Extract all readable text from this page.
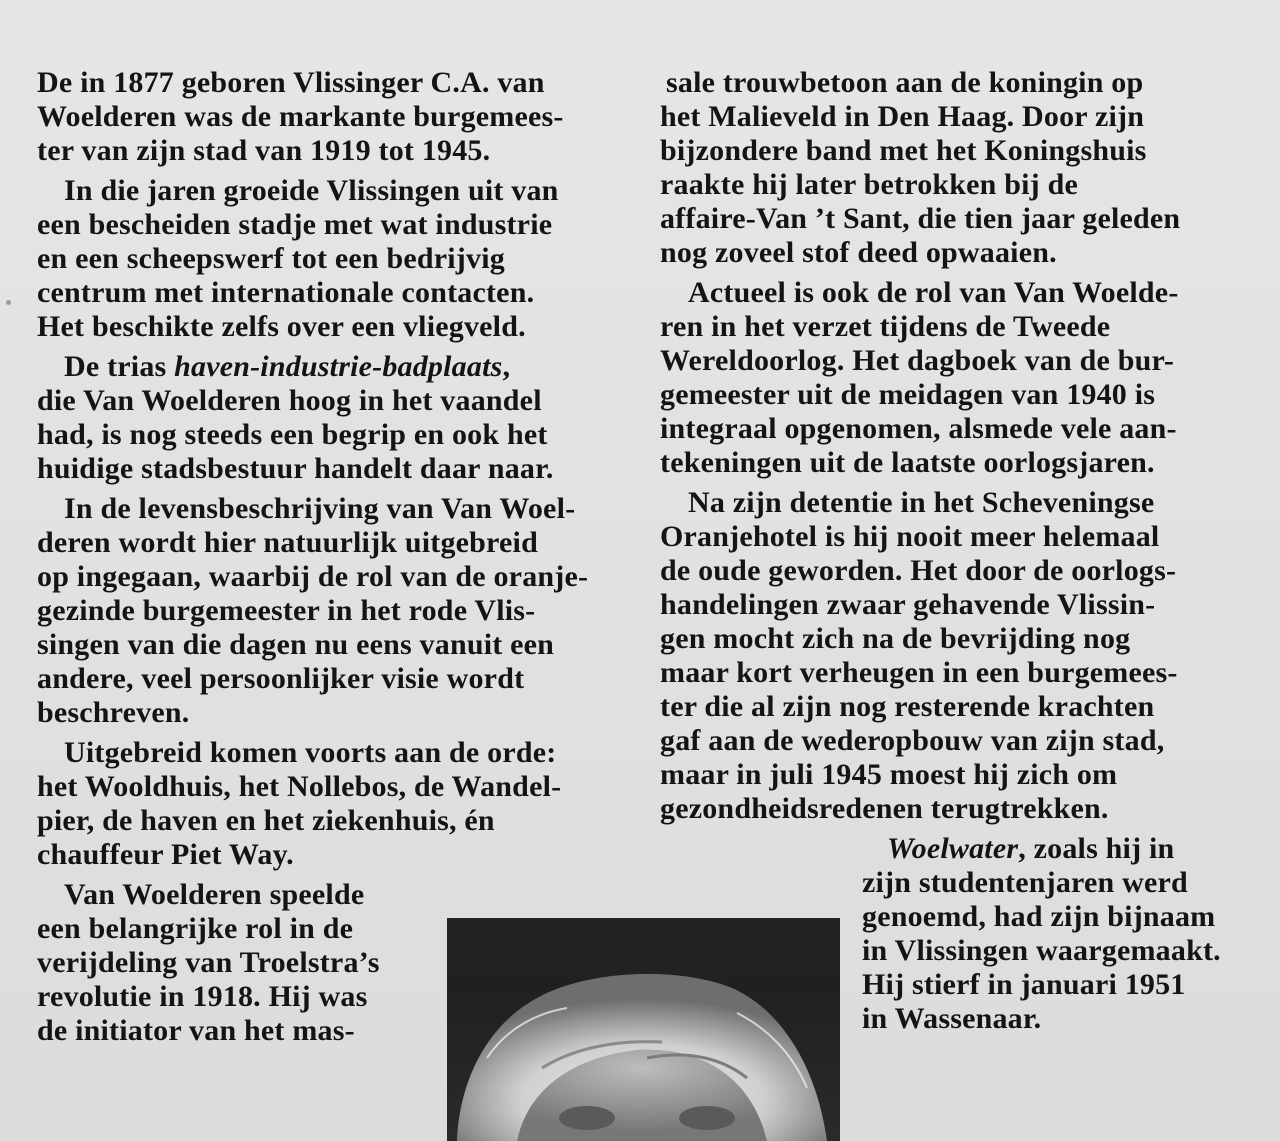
De in 1877 geboren Vlissinger C.A. van
Woelderen was de markante burgemees-
ter van zijn stad van 1919 tot 1945.
In die jaren groeide Vlissingen uit van
een bescheiden stadje met wat industrie
en een scheepswerf tot een bedrijvig
centrum met internationale contacten.
Het beschikte zelfs over een vliegveld.
De trias haven-industrie-badplaats,
die Van Woelderen hoog in het vaandel
had, is nog steeds een begrip en ook het
huidige stadsbestuur handelt daar naar.
In de levensbeschrijving van Van Woel-
deren wordt hier natuurlijk uitgebreid
op ingegaan, waarbij de rol van de oranje-
gezinde burgemeester in het rode Vlis-
singen van die dagen nu eens vanuit een
andere, veel persoonlijker visie wordt
beschreven.
Uitgebreid komen voorts aan de orde:
het Wooldhuis, het Nollebos, de Wandel-
pier, de haven en het ziekenhuis, én
chauffeur Piet Way.
Van Woelderen speelde
een belangrijke rol in de
verijdeling van Troelstra’s
revolutie in 1918. Hij was
de initiator van het mas-
sale trouwbetoon aan de koningin op
het Malieveld in Den Haag. Door zijn
bijzondere band met het Koningshuis
raakte hij later betrokken bij de
affaire-Van ’t Sant, die tien jaar geleden
nog zoveel stof deed opwaaien.
Actueel is ook de rol van Van Woelde-
ren in het verzet tijdens de Tweede
Wereldoorlog. Het dagboek van de bur-
gemeester uit de meidagen van 1940 is
integraal opgenomen, alsmede vele aan-
tekeningen uit de laatste oorlogsjaren.
Na zijn detentie in het Scheveningse
Oranjehotel is hij nooit meer helemaal
de oude geworden. Het door de oorlogs-
handelingen zwaar gehavende Vlissin-
gen mocht zich na de bevrijding nog
maar kort verheugen in een burgemees-
ter die al zijn nog resterende krachten
gaf aan de wederopbouw van zijn stad,
maar in juli 1945 moest hij zich om
gezondheidsredenen terugtrekken.
Woelwater, zoals hij in
zijn studentenjaren werd
genoemd, had zijn bijnaam
in Vlissingen waargemaakt.
Hij stierf in januari 1951
in Wassenaar.
